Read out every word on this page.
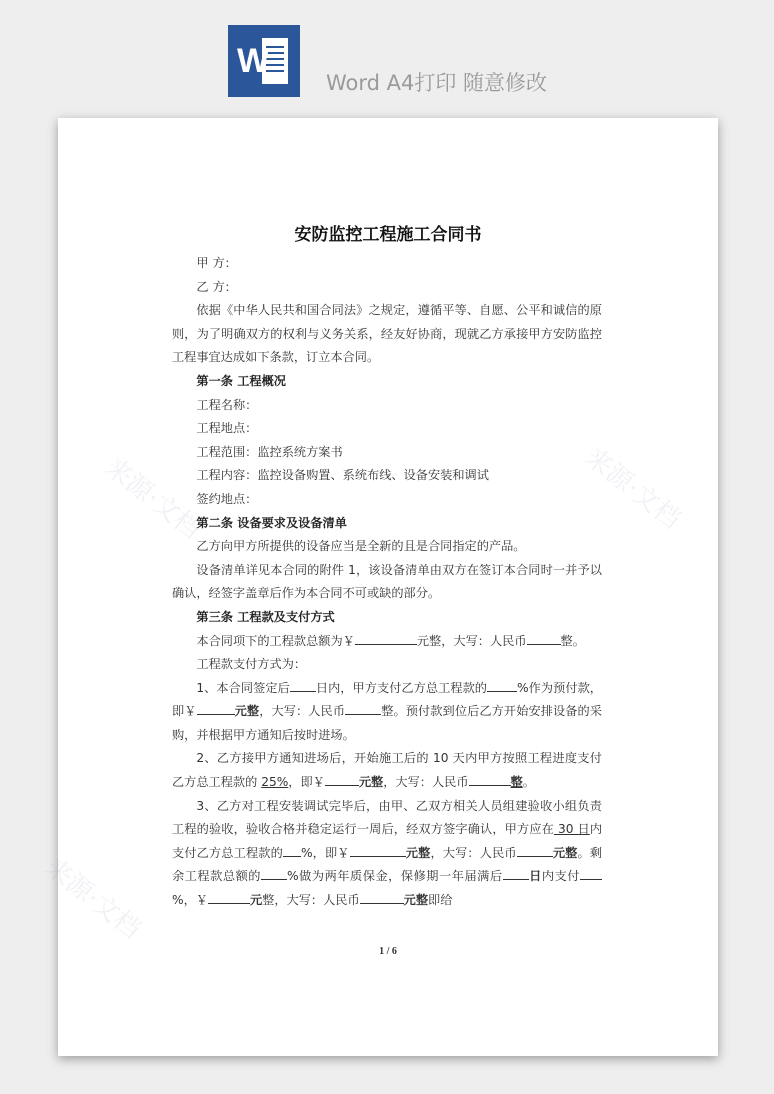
W
Word A4打印 随意修改
来源·文档	来源·文档
来源·文档
安防监控工程施工合同书

甲 方：

乙 方：

依据《中华人民共和国合同法》之规定，遵循平等、自愿、公平和诚信的原则，为了明确双方的权利与义务关系，经友好协商，现就乙方承接甲方安防监控工程事宜达成如下条款，订立本合同。

第一条 工程概况

工程名称：

工程地点：

工程范围：监控系统方案书

工程内容：监控设备购置、系统布线、设备安装和调试

签约地点：

第二条 设备要求及设备清单

乙方向甲方所提供的设备应当是全新的且是合同指定的产品。

设备清单详见本合同的附件 1，该设备清单由双方在签订本合同时一并予以确认，经签字盖章后作为本合同不可或缺的部分。

第三条 工程款及支付方式

本合同项下的工程款总额为￥	元整，大写：人民币	整。

工程款支付方式为：

1、本合同签定后 日内，甲方支付乙方总工程款的 %作为预付款，即￥	元整，大写：人民币	整。预付款到位后乙方开始安排设备的采购，并根据甲方通知后按时进场。

2、乙方接甲方通知进场后，开始施工后的 10 天内甲方按照工程进度支付乙方总工程款的 25%，即￥	元整，大写：人民币	整。

3、乙方对工程安装调试完毕后，由甲、乙双方相关人员组建验收小组负责工程的验收，验收合格并稳定运行一周后，经双方签字确认，甲方应在 30 日内支付乙方总工程款的 %，即￥	元整，大写：人民币	元整。剩余工程款总额的 %做为两年质保金，保修期一年届满后 日内支付%，￥	元整，大写：人民币	元整即给

1 / 6
